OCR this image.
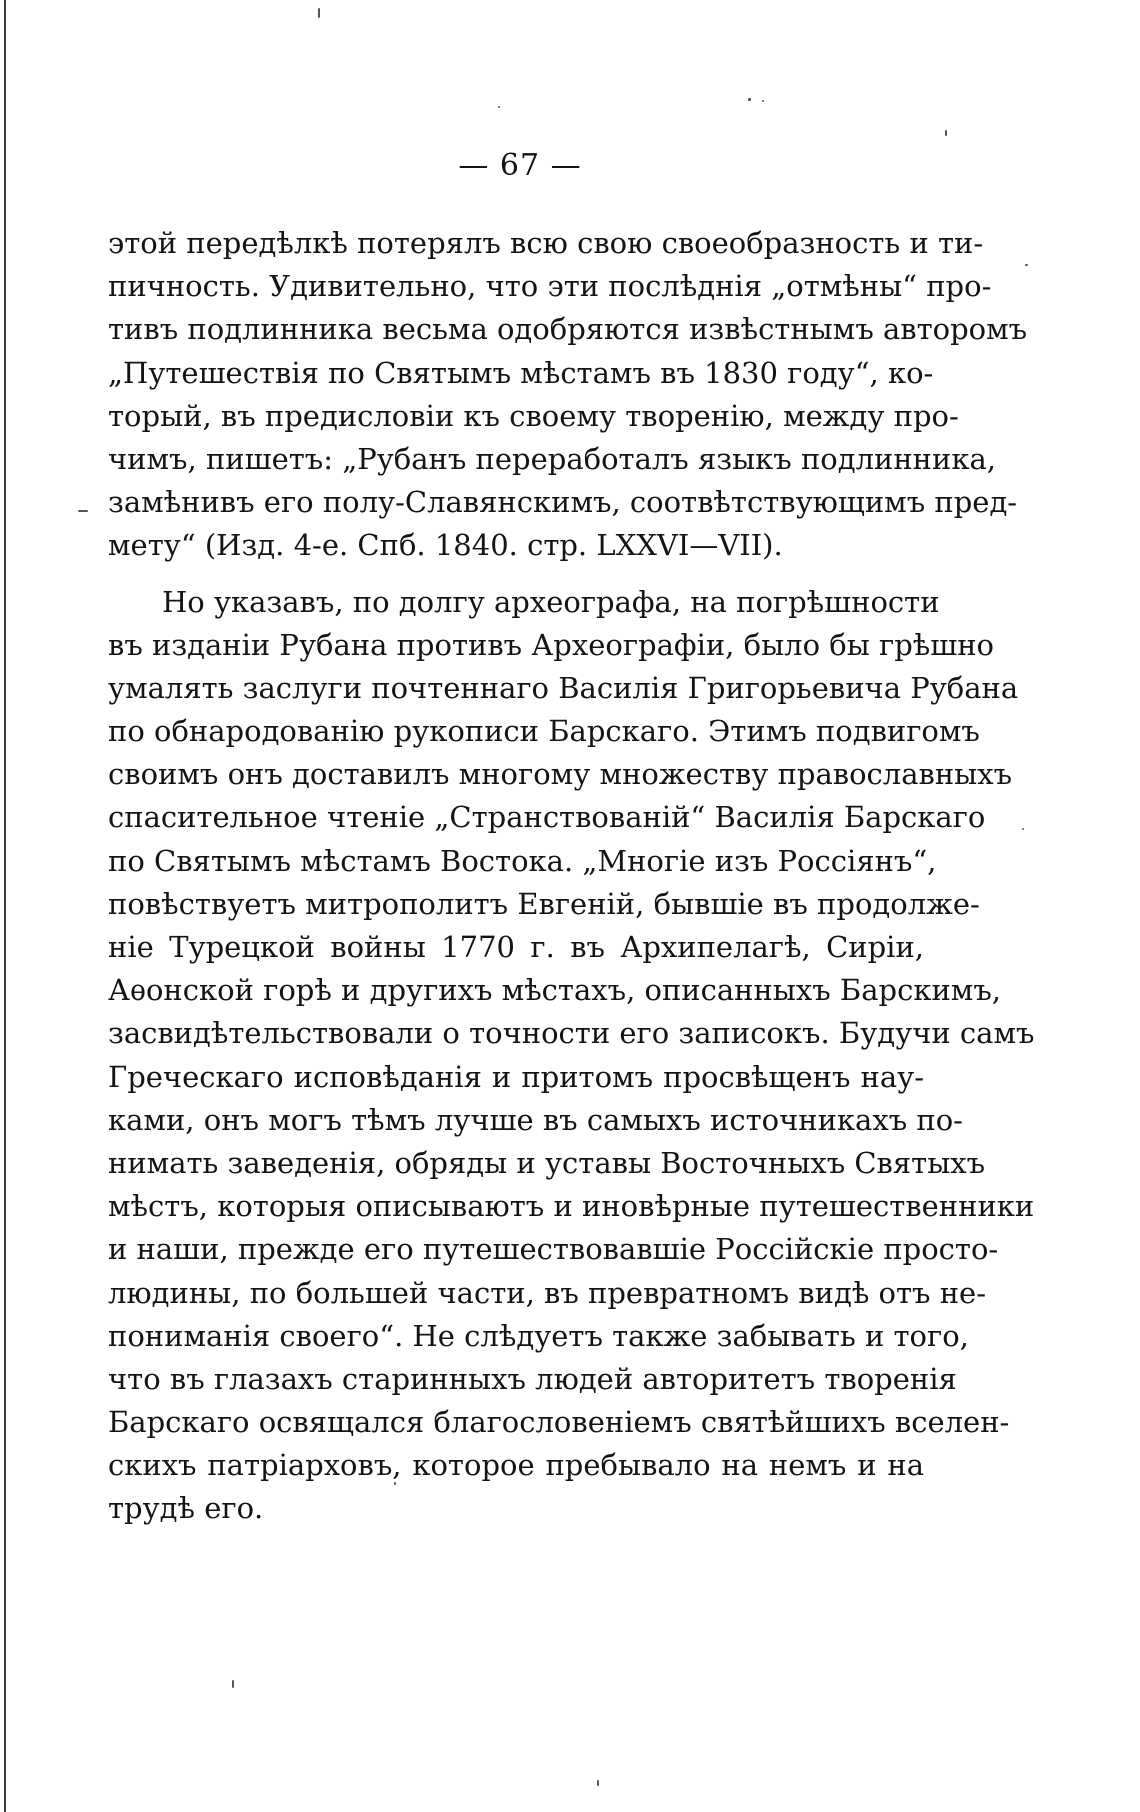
— 67 —
этой передѣлкѣ потерялъ всю свою своеобразность и ти-
пичность. Удивительно, что эти послѣднія „отмѣны“ про-
тивъ подлинника весьма одобряются извѣстнымъ авторомъ
„Путешествія по Святымъ мѣстамъ въ 1830 году“, ко-
торый, въ предисловіи къ своему творенію, между про-
чимъ, пишетъ: „Рубанъ переработалъ языкъ подлинника,
замѣнивъ его полу-Славянскимъ, соотвѣтствующимъ пред-
мету“ (Изд. 4-е. Спб. 1840. стр. LXXVI—VII).
Но указавъ, по долгу археографа, на погрѣшности
въ изданіи Рубана противъ Археографіи, было бы грѣшно
умалять заслуги почтеннаго Василія Григорьевича Рубана
по обнародованію рукописи Барскаго. Этимъ подвигомъ
своимъ онъ доставилъ многому множеству православныхъ
спасительное чтеніе „Странствованій“ Василія Барскаго
по Святымъ мѣстамъ Востока. „Многіе изъ Россіянъ“,
повѣствуетъ митрополитъ Евгеній, бывшіе въ продолже-
ніе Турецкой войны 1770 г. въ Архипелагѣ, Сиріи,
Аѳонской горѣ и другихъ мѣстахъ, описанныхъ Барскимъ,
засвидѣтельствовали о точности его записокъ. Будучи самъ
Греческаго исповѣданія и притомъ просвѣщенъ нау-
ками, онъ могъ тѣмъ лучше въ самыхъ источникахъ по-
нимать заведенія, обряды и уставы Восточныхъ Святыхъ
мѣстъ, которыя описываютъ и иновѣрные путешественники
и наши, прежде его путешествовавшіе Россійскіе просто-
людины, по большей части, въ превратномъ видѣ отъ не-
пониманія своего“. Не слѣдуетъ также забывать и того,
что въ глазахъ старинныхъ людей авторитетъ творенія
Барскаго освящался благословеніемъ святѣйшихъ вселен-
скихъ патріарховъ, которое пребывало на немъ и на
трудѣ его.
